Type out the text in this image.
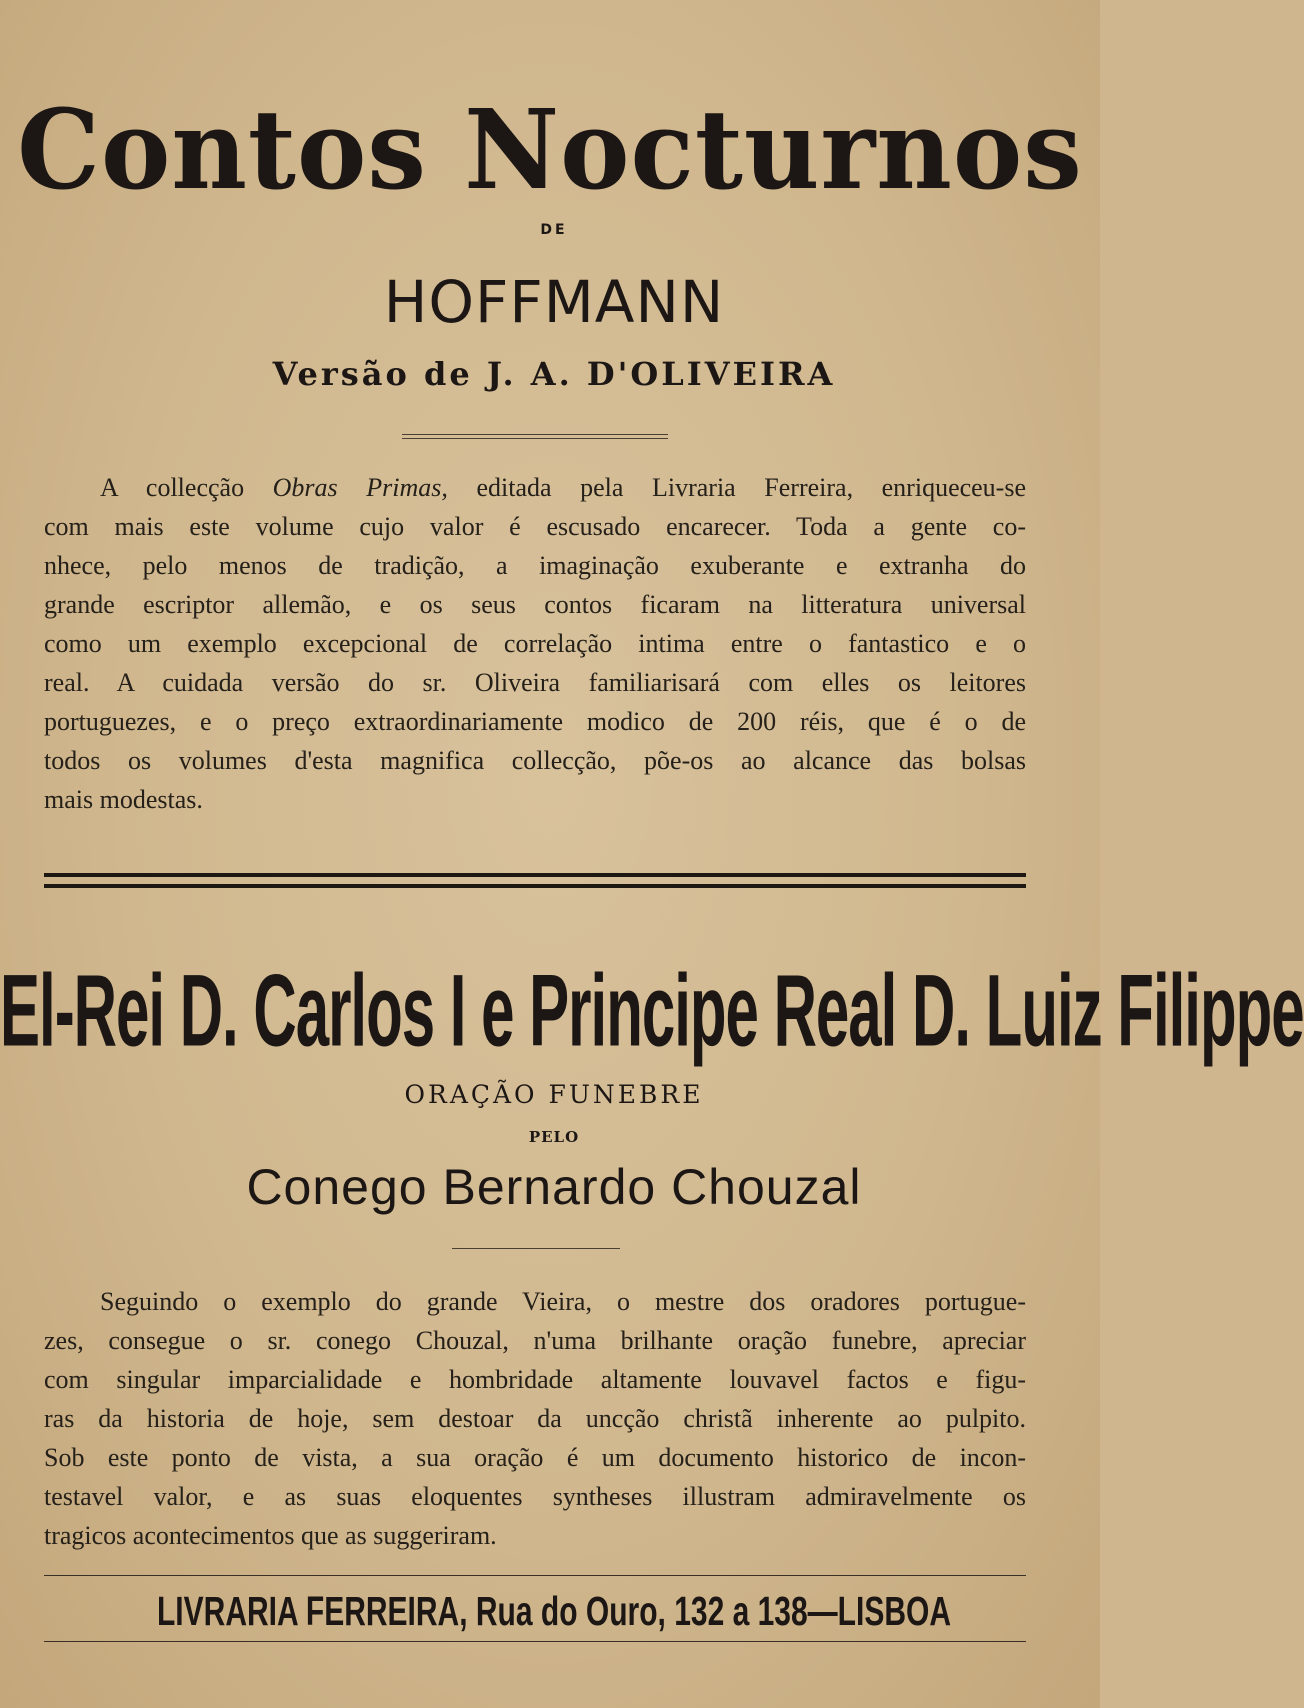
Contos Nocturnos
DE
HOFFMANN
Versão de J. A. D'OLIVEIRA
A collecção Obras Primas, editada pela Livraria Ferreira, enriqueceu-se
com mais este volume cujo valor é escusado encarecer. Toda a gente co-
nhece, pelo menos de tradição, a imaginação exuberante e extranha do
grande escriptor allemão, e os seus contos ficaram na litteratura universal
como um exemplo excepcional de correlação intima entre o fantastico e o
real. A cuidada versão do sr. Oliveira familiarisará com elles os leitores
portuguezes, e o preço extraordinariamente modico de 200 réis, que é o de
todos os volumes d'esta magnifica collecção, põe-os ao alcance das bolsas
mais modestas.
El-Rei D. Carlos I e Principe Real D. Luiz Filippe
ORAÇÃO FUNEBRE
PELO
Conego Bernardo Chouzal
Seguindo o exemplo do grande Vieira, o mestre dos oradores portugue-
zes, consegue o sr. conego Chouzal, n'uma brilhante oração funebre, apreciar
com singular imparcialidade e hombridade altamente louvavel factos e figu-
ras da historia de hoje, sem destoar da uncção christã inherente ao pulpito.
Sob este ponto de vista, a sua oração é um documento historico de incon-
testavel valor, e as suas eloquentes syntheses illustram admiravelmente os
tragicos acontecimentos que as suggeriram.
LIVRARIA FERREIRA, Rua do Ouro, 132 a 138—LISBOA
